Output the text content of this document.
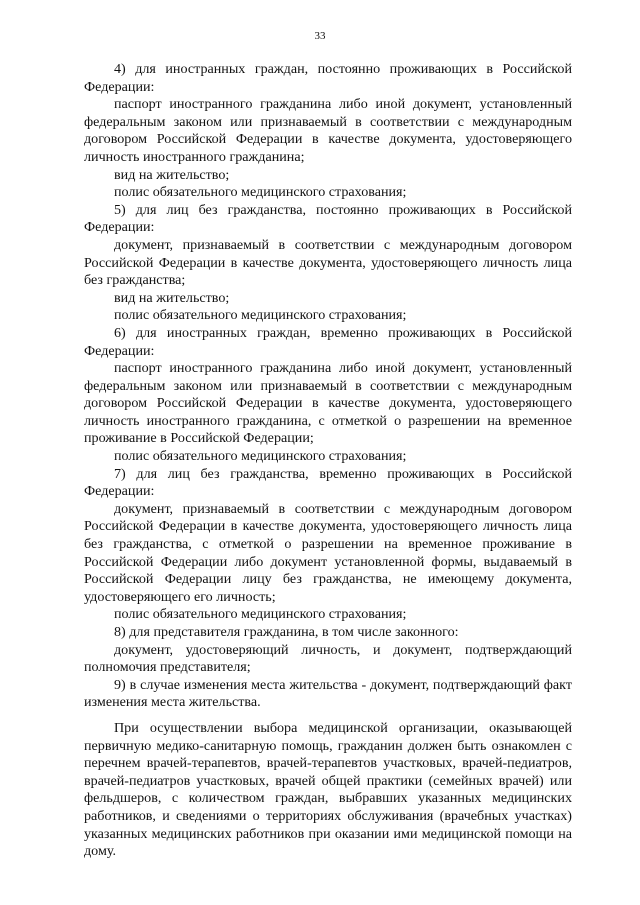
33

4) для иностранных граждан, постоянно проживающих в Российской Федерации:

паспорт иностранного гражданина либо иной документ, установленный федеральным законом или признаваемый в соответствии с международным договором Российской Федерации в качестве документа, удостоверяющего личность иностранного гражданина;

вид на жительство;

полис обязательного медицинского страхования;

5) для лиц без гражданства, постоянно проживающих в Российской Федерации:

документ, признаваемый в соответствии с международным договором Российской Федерации в качестве документа, удостоверяющего личность лица без гражданства;

вид на жительство;

полис обязательного медицинского страхования;

6) для иностранных граждан, временно проживающих в Российской Федерации:

паспорт иностранного гражданина либо иной документ, установленный федеральным законом или признаваемый в соответствии с международным договором Российской Федерации в качестве документа, удостоверяющего личность иностранного гражданина, с отметкой о разрешении на временное проживание в Российской Федерации;

полис обязательного медицинского страхования;

7) для лиц без гражданства, временно проживающих в Российской Федерации:

документ, признаваемый в соответствии с международным договором Российской Федерации в качестве документа, удостоверяющего личность лица без гражданства, с отметкой о разрешении на временное проживание в Российской Федерации либо документ установленной формы, выдаваемый в Российской Федерации лицу без гражданства, не имеющему документа, удостоверяющего его личность;

полис обязательного медицинского страхования;

8) для представителя гражданина, в том числе законного:

документ, удостоверяющий личность, и документ, подтверждающий полномочия представителя;

9) в случае изменения места жительства - документ, подтверждающий факт изменения места жительства.

При осуществлении выбора медицинской организации, оказывающей первичную медико-санитарную помощь, гражданин должен быть ознакомлен с перечнем врачей-терапевтов, врачей-терапевтов участковых, врачей-педиатров, врачей-педиатров участковых, врачей общей практики (семейных врачей) или фельдшеров, с количеством граждан, выбравших указанных медицинских работников, и сведениями о территориях обслуживания (врачебных участках) указанных медицинских работников при оказании ими медицинской помощи на дому.
